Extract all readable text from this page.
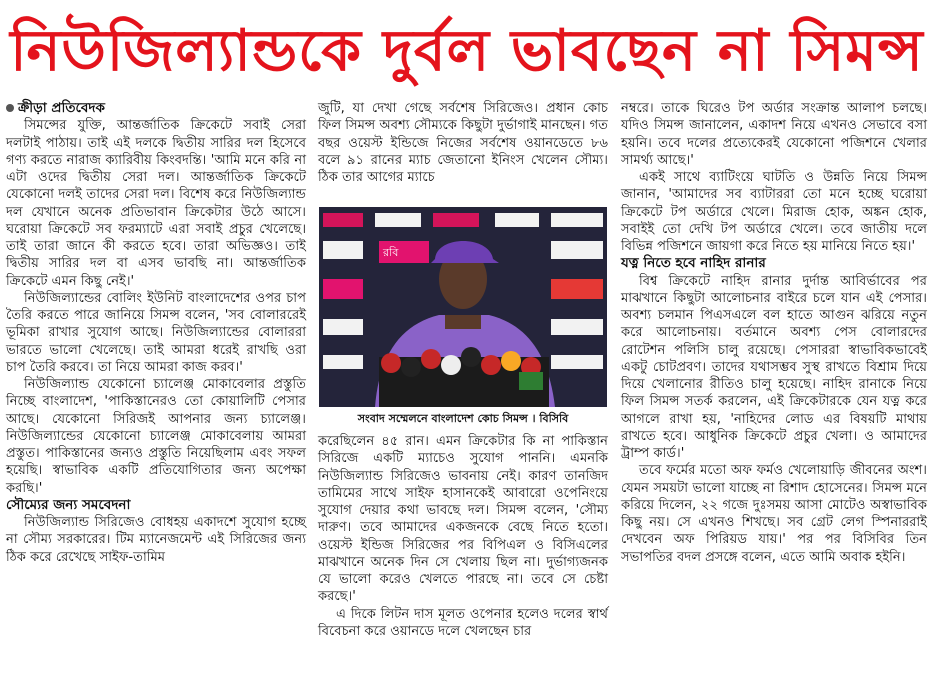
নিউজিল্যান্ডকে দুর্বল ভাবছেন না সিমন্স
ক্রীড়া প্রতিবেদক

সিমন্সের যুক্তি, আন্তর্জাতিক ক্রিকেটে সবাই সেরা দলটাই পাঠায়। তাই এই দলকে দ্বিতীয় সারির দল হিসেবে গণ্য করতে নারাজ ক্যারিবীয় কিংবদন্তি। 'আমি মনে করি না এটা ওদের দ্বিতীয় সেরা দল। আন্তর্জাতিক ক্রিকেটে যেকোনো দলই তাদের সেরা দল। বিশেষ করে নিউজিল্যান্ড দল যেখানে অনেক প্রতিভাবান ক্রিকেটার উঠে আসে। ঘরোয়া ক্রিকেটে সব ফরম্যাটে এরা সবাই প্রচুর খেলেছে। তাই তারা জানে কী করতে হবে। তারা অভিজ্ঞও। তাই দ্বিতীয় সারির দল বা এসব ভাবছি না। আন্তর্জাতিক ক্রিকেটে এমন কিছু নেই।'

নিউজিল্যান্ডের বোলিং ইউনিট বাংলাদেশের ওপর চাপ তৈরি করতে পারে জানিয়ে সিমন্স বলেন, 'সব বোলাররেই ভূমিকা রাখার সুযোগ আছে। নিউজিল্যান্ডের বোলাররা ভারতে ভালো খেলেছে। তাই আমরা ধরেই রাখছি ওরা চাপ তৈরি করবে। তা নিয়ে আমরা কাজ করব।'

নিউজিল্যান্ড যেকোনো চ্যালেঞ্জ মোকাবেলার প্রস্তুতি নিচ্ছে বাংলাদেশ, 'পাকিস্তানেরও তো কোয়ালিটি পেসার আছে। যেকোনো সিরিজই আপনার জন্য চ্যালেঞ্জ। নিউজিল্যান্ডের যেকোনো চ্যালেঞ্জ মোকাবেলায় আমরা প্রস্তুত। পাকিস্তানের জন্যও প্রস্তুতি নিয়েছিলাম এবং সফল হয়েছি। স্বাভাবিক একটি প্রতিযোগিতার জন্য অপেক্ষা করছি।'

সৌম্যের জন্য সমবেদনা

নিউজিল্যান্ড সিরিজেও বোধহয় একাদশে সুযোগ হচ্ছে না সৌম্য সরকারের। টিম ম্যানেজমেন্ট এই সিরিজের জন্য ঠিক করে রেখেছে সাইফ-তামিম

জুটি, যা দেখা গেছে সর্বশেষ সিরিজেও। প্রধান কোচ ফিল সিমন্স অবশ্য সৌম্যকে কিছুটা দুর্ভাগাই মানছেন। গত বছর ওয়েস্ট ইন্ডিজে নিজের সর্বশেষ ওয়ানডেতে ৮৬ বলে ৯১ রানের ম্যাচ জেতানো ইনিংস খেলেন সৌম্য। ঠিক তার আগের ম্যাচে

রবি
সংবাদ সম্মেলনে বাংলাদেশ কোচ সিমন্স । বিসিবি

করেছিলেন ৪৫ রান। এমন ক্রিকেটার কি না পাকিস্তান সিরিজে একটি ম্যাচেও সুযোগ পাননি। এমনকি নিউজিল্যান্ড সিরিজেও ভাবনায় নেই। কারণ তানজিদ তামিমের সাথে সাইফ হাসানকেই আবারো ওপেনিংয়ে সুযোগ দেয়ার কথা ভাবছে দল। সিমন্স বলেন, 'সৌম্য দারুণ। তবে আমাদের একজনকে বেছে নিতে হতো। ওয়েস্ট ইন্ডিজ সিরিজের পর বিপিএল ও বিসিএলের মাঝখানে অনেক দিন সে খেলায় ছিল না। দুর্ভাগ্যজনক যে ভালো করেও খেলতে পারছে না। তবে সে চেষ্টা করছে।'

এ দিকে লিটন দাস মূলত ওপেনার হলেও দলের স্বার্থ বিবেচনা করে ওয়ানডে দলে খেলছেন চার

নম্বরে। তাকে ঘিরেও টপ অর্ডার সংক্রান্ত আলাপ চলছে। যদিও সিমন্স জানালেন, একাদশ নিয়ে এখনও সেভাবে বসা হয়নি। তবে দলের প্রত্যেকেরই যেকোনো পজিশনে খেলার সামর্থ্য আছে।'

একই সাথে ব্যাটিংয়ে ঘাটতি ও উন্নতি নিয়ে সিমন্স জানান, 'আমাদের সব ব্যাটাররা তো মনে হচ্ছে ঘরোয়া ক্রিকেটে টপ অর্ডারে খেলে। মিরাজ হোক, অঙ্কন হোক, সবাইই তো দেখি টপ অর্ডারে খেলে। তবে জাতীয় দলে বিভিন্ন পজিশনে জায়গা করে নিতে হয় মানিয়ে নিতে হয়।'

যত্ন নিতে হবে নাহিদ রানার

বিশ্ব ক্রিকেটে নাহিদ রানার দুর্দান্ত আবির্ভাবের পর মাঝখানে কিছুটা আলোচনার বাইরে চলে যান এই পেসার। অবশ্য চলমান পিএসএলে বল হাতে আগুন ঝরিয়ে নতুন করে আলোচনায়। বর্তমানে অবশ্য পেস বোলারদের রোটেশন পলিসি চালু রয়েছে। পেসাররা স্বাভাবিকভাবেই একটু চোটপ্রবণ। তাদের যথাসম্ভব সুস্থ রাখতে বিশ্রাম দিয়ে দিয়ে খেলানোর রীতিও চালু হয়েছে। নাহিদ রানাকে নিয়ে ফিল সিমন্স সতর্ক করলেন, এই ক্রিকেটারকে যেন যত্ন করে আগলে রাখা হয়, 'নাহিদের লোড এর বিষয়টি মাথায় রাখতে হবে। আধুনিক ক্রিকেটে প্রচুর খেলা। ও আমাদের ট্রাম্প কার্ড।'

তবে ফর্মের মতো অফ ফর্মও খেলোয়াড়ি জীবনের অংশ। যেমন সময়টা ভালো যাচ্ছে না রিশাদ হোসেনের। সিমন্স মনে করিয়ে দিলেন, ২২ গজে দুঃসময় আসা মোটেও অস্বাভাবিক কিছু নয়। সে এখনও শিখছে। সব গ্রেট লেগ স্পিনাররাই দেখবেন অফ পিরিয়ড যায়।' পর পর বিসিবির তিন সভাপতির বদল প্রসঙ্গে বলেন, এতে আমি অবাক হইনি।
